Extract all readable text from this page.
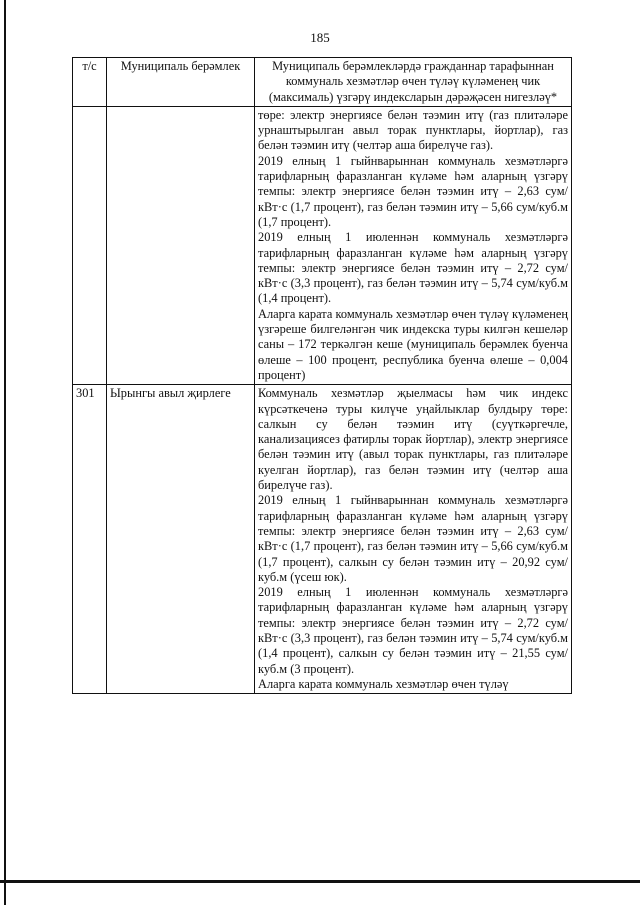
185
т/с	Муниципаль берәмлек	Муниципаль берәмлекләрдә гражданнар тарафыннан коммуналь хезмәтләр өчен түләү күләменең чик (максималь) үзгәрү индексларын дәрәҗәсен нигезләү*

		төре: электр энергиясе белән тәэмин итү (газ плитәләре урнаштырылган авыл торак пунктлары, йортлар), газ белән тәэмин итү (челтәр аша бирелүче газ).

2019 елның 1 гыйнварыннан коммуналь хезмәтләргә тарифларның фаразланган күләме һәм аларның үзгәрү темпы: электр энергиясе белән тәэмин итү – 2,63 сум/кВт·с (1,7 процент), газ белән тәэмин итү – 5,66 сум/куб.м (1,7 процент).

2019 елның 1 июленнән коммуналь хезмәтләргә тарифларның фаразланган күләме һәм аларның үзгәрү темпы: электр энергиясе белән тәэмин итү – 2,72 сум/кВт·с (3,3 процент), газ белән тәэмин итү – 5,74 сум/куб.м (1,4 процент).

Аларга карата коммуналь хезмәтләр өчен түләү күләменең үзгәреше билгеләнгән чик индекска туры килгән кешеләр саны – 172 теркәлгән кеше (муниципаль берәмлек буенча өлеше – 100 процент, республика буенча өлеше – 0,004 процент)

301	Ырынгы авыл җирлеге	Коммуналь хезмәтләр җыелмасы һәм чик индекс күрсәткеченә туры килүче уңайлыклар булдыру төре: салкын су белән тәэмин итү (суүткәргечле, канализациясез фатирлы торак йортлар), электр энергиясе белән тәэмин итү (авыл торак пунктлары, газ плитәләре куелган йортлар), газ белән тәэмин итү (челтәр аша бирелүче газ).

2019 елның 1 гыйнварыннан коммуналь хезмәтләргә тарифларның фаразланган күләме һәм аларның үзгәрү темпы: электр энергиясе белән тәэмин итү – 2,63 сум/кВт·с (1,7 процент), газ белән тәэмин итү – 5,66 сум/куб.м (1,7 процент), салкын су белән тәэмин итү – 20,92 сум/куб.м (үсеш юк).

2019 елның 1 июленнән коммуналь хезмәтләргә тарифларның фаразланган күләме һәм аларның үзгәрү темпы: электр энергиясе белән тәэмин итү – 2,72 сум/кВт·с (3,3 процент), газ белән тәэмин итү – 5,74 сум/куб.м (1,4 процент), салкын су белән тәэмин итү – 21,55 сум/куб.м (3 процент).

Аларга карата коммуналь хезмәтләр өчен түләү
